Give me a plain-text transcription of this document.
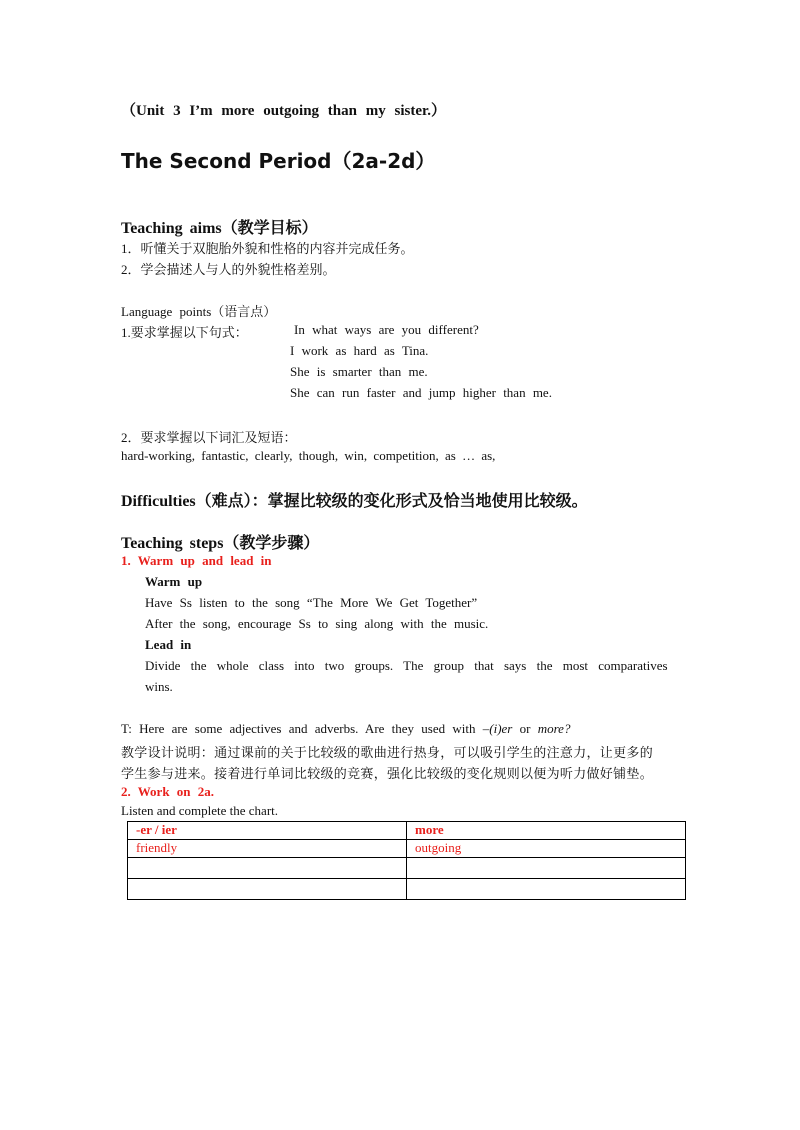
（Unit 3 I’m more outgoing than my sister.）
The Second Period（2a-2d）
Teaching aims（教学目标）
1．听懂关于双胞胎外貌和性格的内容并完成任务。
2．学会描述人与人的外貌性格差别。
Language points（语言点）
1.要求掌握以下句式：	In what ways are you different?
I work as hard as Tina.
She is smarter than me.
She can run faster and jump higher than me.
2．要求掌握以下词汇及短语：
hard-working, fantastic, clearly, though, win, competition, as … as,
Difficulties（难点）：掌握比较级的变化形式及恰当地使用比较级。
Teaching steps（教学步骤）
1. Warm up and lead in
Warm up
Have Ss listen to the song “The More We Get Together”
After the song, encourage Ss to sing along with the music.
Lead in
Divide the whole class into two groups. The group that says the most comparatives
wins.
T: Here are some adjectives and adverbs. Are they used with –(i)er or more?
教学设计说明：通过课前的关于比较级的歌曲进行热身，可以吸引学生的注意力，让更多的
学生参与进来。接着进行单词比较级的竞赛，强化比较级的变化规则以便为听力做好铺垫。
2. Work on 2a.
Listen and complete the chart.
-er / ier	more
friendly	outgoing
